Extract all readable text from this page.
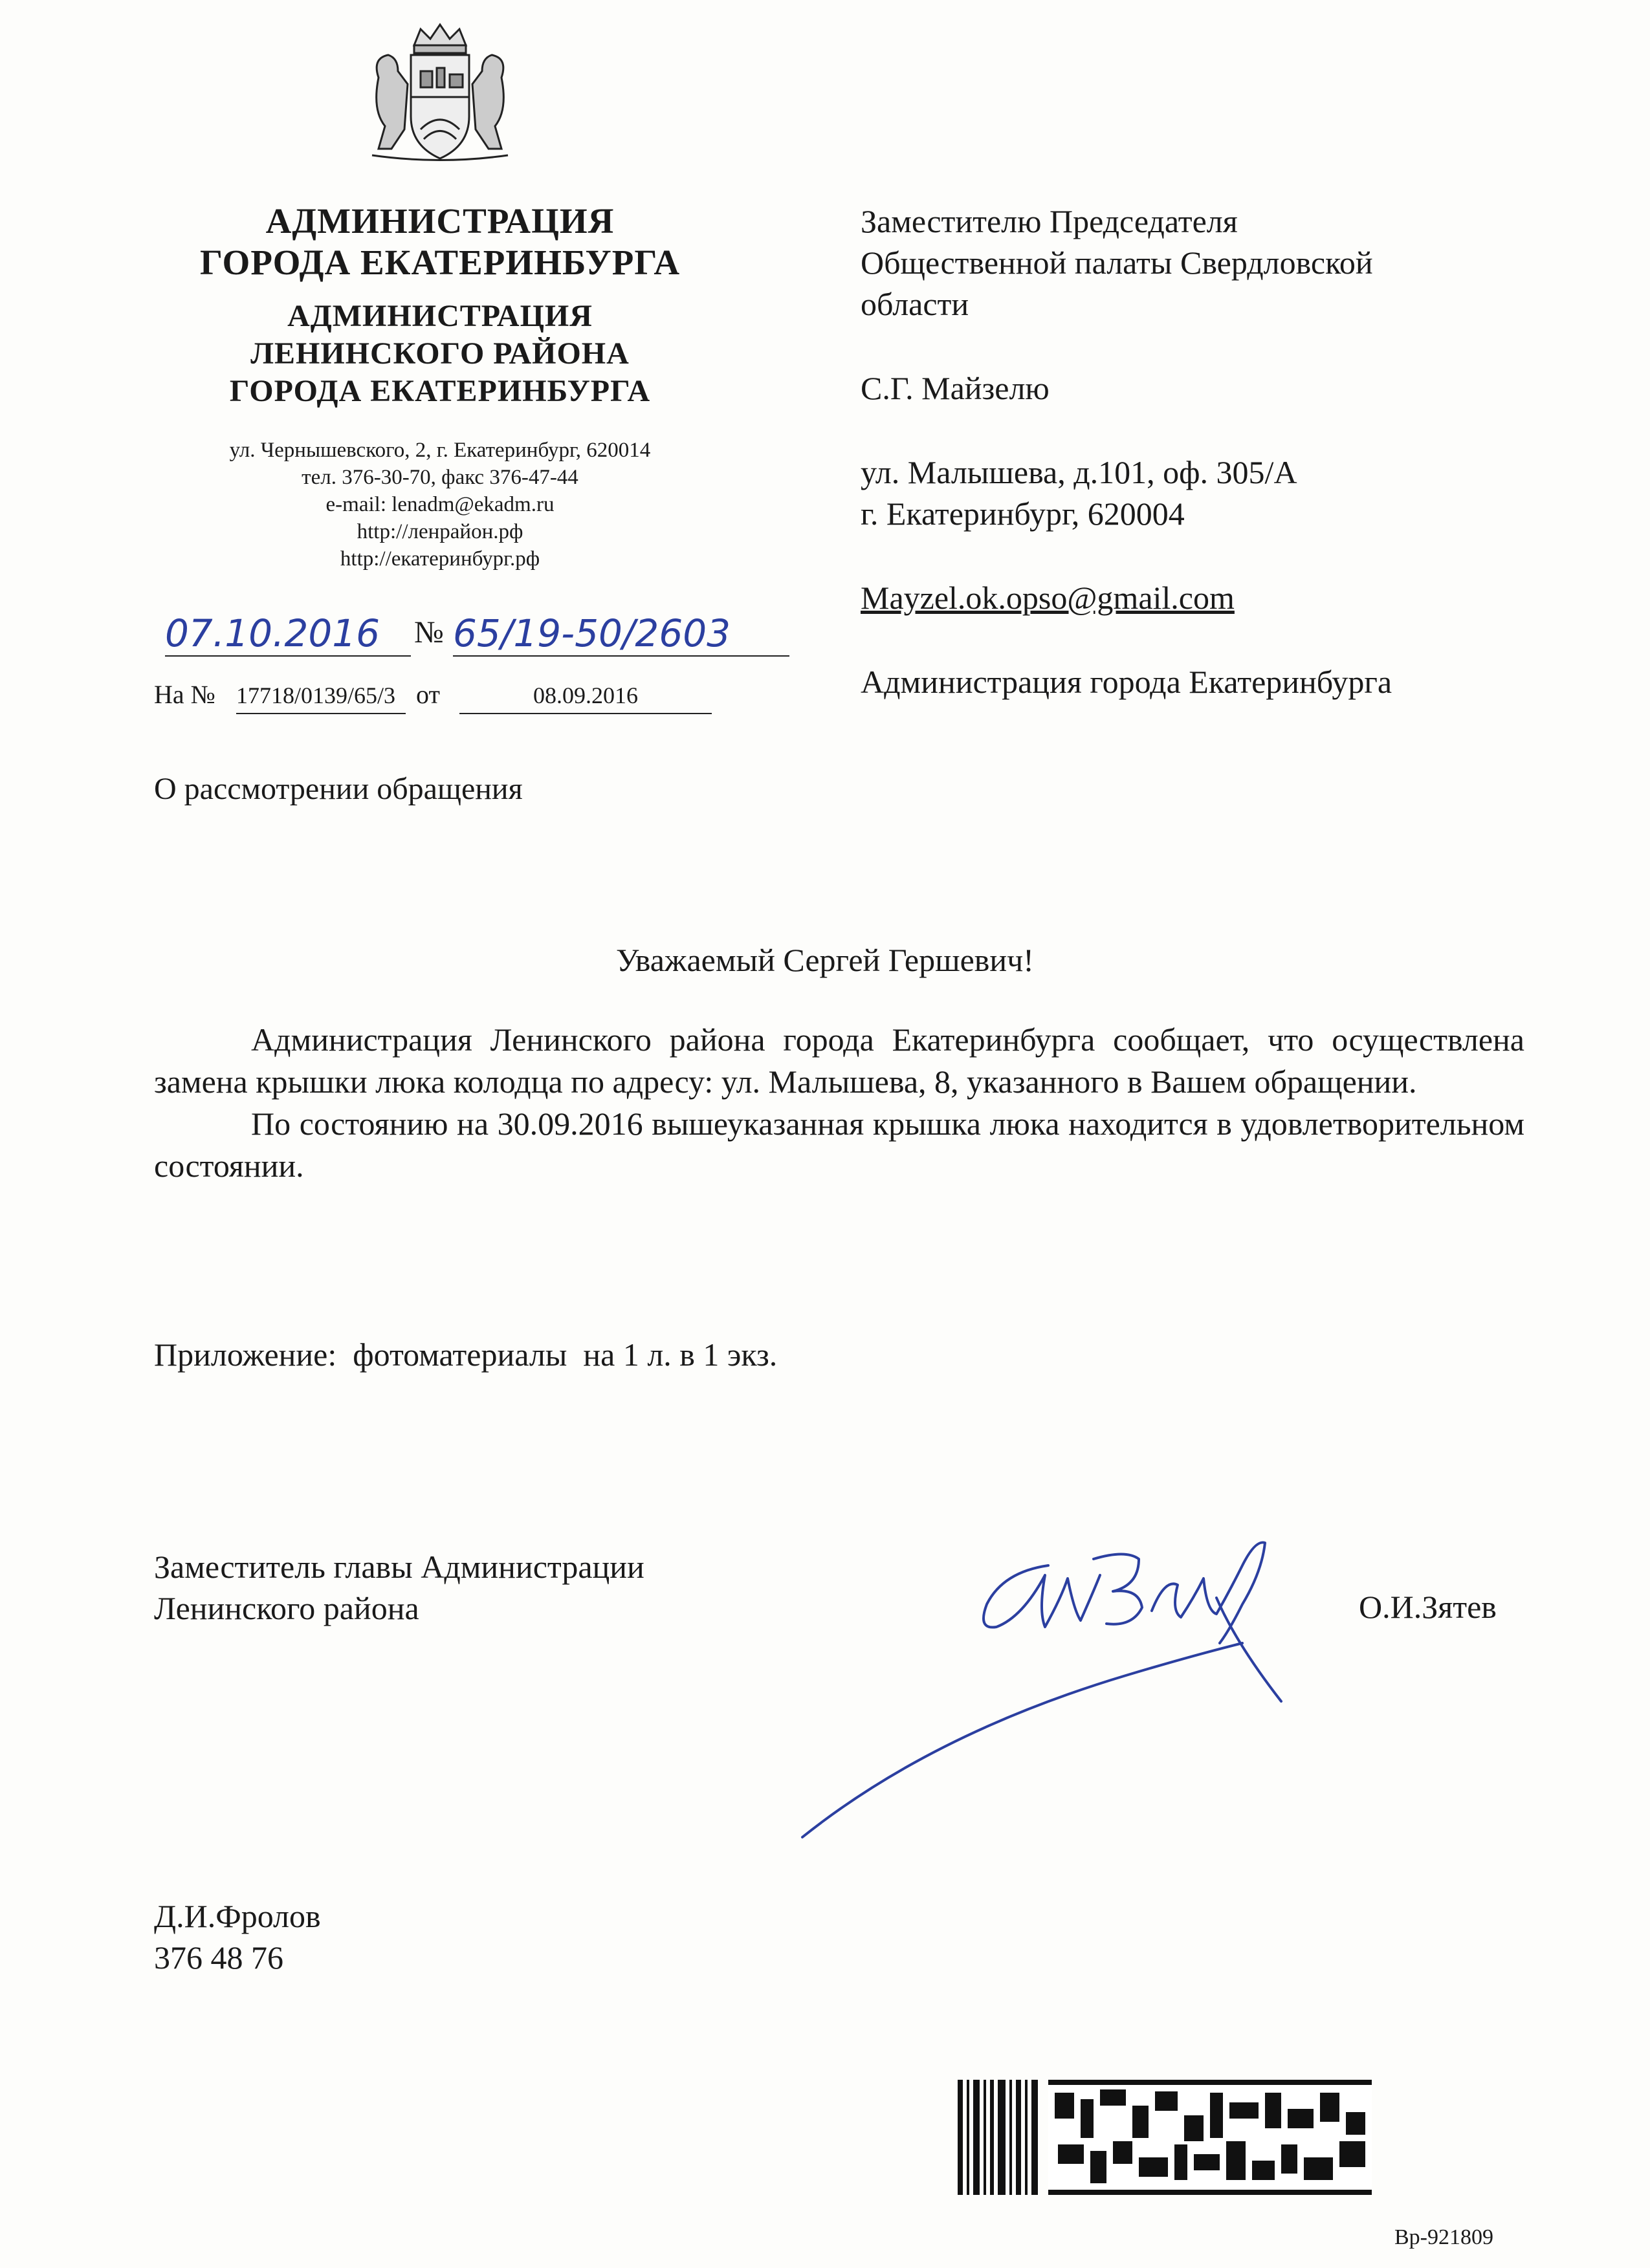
АДМИНИСТРАЦИЯ
ГОРОДА ЕКАТЕРИНБУРГА
АДМИНИСТРАЦИЯ
ЛЕНИНСКОГО РАЙОНА
ГОРОДА ЕКАТЕРИНБУРГА
ул. Чернышевского, 2, г. Екатеринбург, 620014
тел. 376-30-70, факс 376-47-44
e-mail: lenadm@ekadm.ru
http://ленрайон.рф
http://екатеринбург.рф
07.10.2016	№ 65/19-50/2603
На № 17718/0139/65/3 от	08.09.2016
О рассмотрении обращения
Заместителю Председателя
Общественной палаты Свердловской
области
С.Г. Майзелю
ул. Малышева, д.101, оф. 305/А
г. Екатеринбург, 620004
Mayzel.ok.opso@gmail.com
Администрация города Екатеринбурга
Уважаемый Сергей Гершевич!

Администрация Ленинского района города Екатеринбурга сообщает, что осуществлена замена крышки люка колодца по адресу: ул. Малышева, 8, указанного в Вашем обращении.

По состоянию на 30.09.2016 вышеуказанная крышка люка находится в удовлетворительном состоянии.

Приложение:  фотоматериалы  на 1 л. в 1 экз.
Заместитель главы Администрации
Ленинского района	О.И.Зятев
Д.И.Фролов
376 48 76
Вр-921809
